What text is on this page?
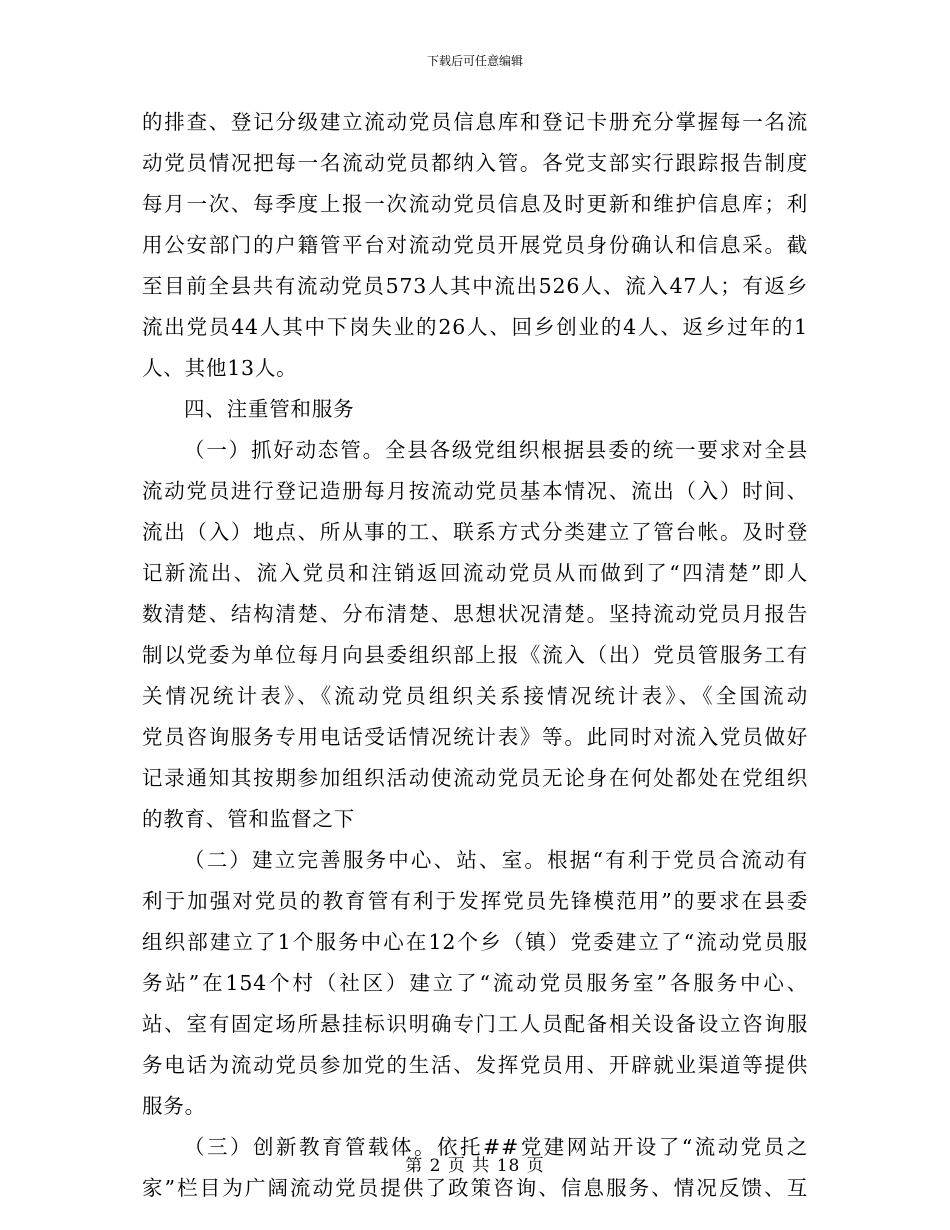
下载后可任意编辑
的排查、登记分级建立流动党员信息库和登记卡册充分掌握每一名流
动党员情况把每一名流动党员都纳入管。各党支部实行跟踪报告制度
每月一次、每季度上报一次流动党员信息及时更新和维护信息库；利
用公安部门的户籍管平台对流动党员开展党员身份确认和信息采。截
至目前全县共有流动党员573人其中流出526人、流入47人；有返乡
流出党员44人其中下岗失业的26人、回乡创业的4人、返乡过年的1
人、其他13人。
四、注重管和服务
（一）抓好动态管。全县各级党组织根据县委的统一要求对全县
流动党员进行登记造册每月按流动党员基本情况、流出（入）时间、
流出（入）地点、所从事的工、联系方式分类建立了管台帐。及时登
记新流出、流入党员和注销返回流动党员从而做到了“四清楚”即人
数清楚、结构清楚、分布清楚、思想状况清楚。坚持流动党员月报告
制以党委为单位每月向县委组织部上报《流入（出）党员管服务工有
关情况统计表》、《流动党员组织关系接情况统计表》、《全国流动
党员咨询服务专用电话受话情况统计表》等。此同时对流入党员做好
记录通知其按期参加组织活动使流动党员无论身在何处都处在党组织
的教育、管和监督之下
（二）建立完善服务中心、站、室。根据“有利于党员合流动有
利于加强对党员的教育管有利于发挥党员先锋模范用”的要求在县委
组织部建立了1个服务中心在12个乡（镇）党委建立了“流动党员服
务站”在154个村（社区）建立了“流动党员服务室”各服务中心、
站、室有固定场所悬挂标识明确专门工人员配备相关设备设立咨询服
务电话为流动党员参加党的生活、发挥党员用、开辟就业渠道等提供
服务。
（三）创新教育管载体。依托##党建网站开设了“流动党员之
家”栏目为广阔流动党员提供了政策咨询、信息服务、情况反馈、互
第 2 页 共 18 页
